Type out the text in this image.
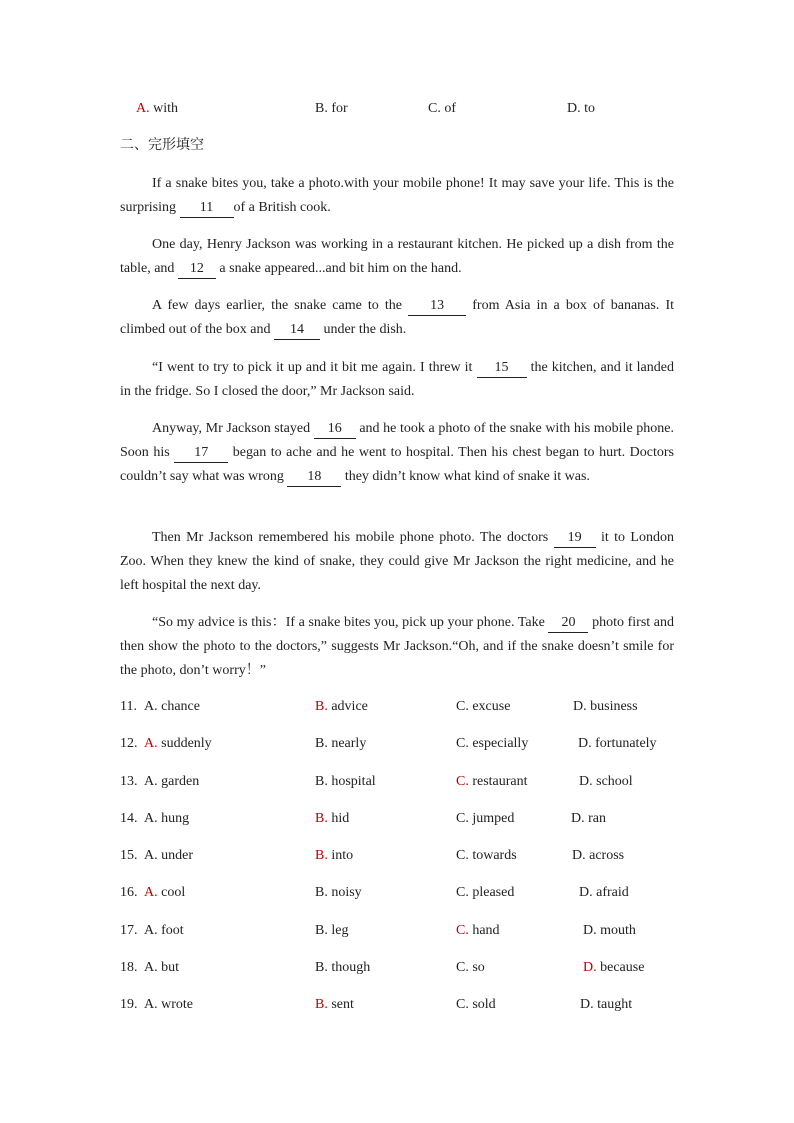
A. with	B. for	C. of	D. to
二、完形填空

If a snake bites you, take a photo.with your mobile phone! It may save your life. This is the surprising 11 of a British cook.

One day, Henry Jackson was working in a restaurant kitchen. He picked up a dish from the table, and 12 a snake appeared...and bit him on the hand.

A few days earlier, the snake came to the 13 from Asia in a box of bananas. It climbed out of the box and 14 under the dish.

“I went to try to pick it up and it bit me again. I threw it 15 the kitchen, and it landed in the fridge. So I closed the door,” Mr Jackson said.

Anyway, Mr Jackson stayed 16 and he took a photo of the snake with his mobile phone. Soon his 17 began to ache and he went to hospital. Then his chest began to hurt. Doctors couldn’t say what was wrong 18 they didn’t know what kind of snake it was.

Then Mr Jackson remembered his mobile phone photo. The doctors 19 it to London Zoo. When they knew the kind of snake, they could give Mr Jackson the right medicine, and he left hospital the next day.

“So my advice is this：If a snake bites you, pick up your phone. Take 20 photo first and then show the photo to the doctors,” suggests Mr Jackson.“Oh, and if the snake doesn’t smile for the photo, don’t worry！”

11. A. chance	B. advice	C. excuse	D. business
12. A. suddenly	B. nearly	C. especially	D. fortunately
13. A. garden	B. hospital	C. restaurant	D. school
14. A. hung	B. hid	C. jumped	D. ran
15. A. under	B. into	C. towards	D. across
16. A. cool	B. noisy	C. pleased	D. afraid
17. A. foot	B. leg	C. hand	D. mouth
18. A. but	B. though	C. so	D. because
19. A. wrote	B. sent	C. sold	D. taught
